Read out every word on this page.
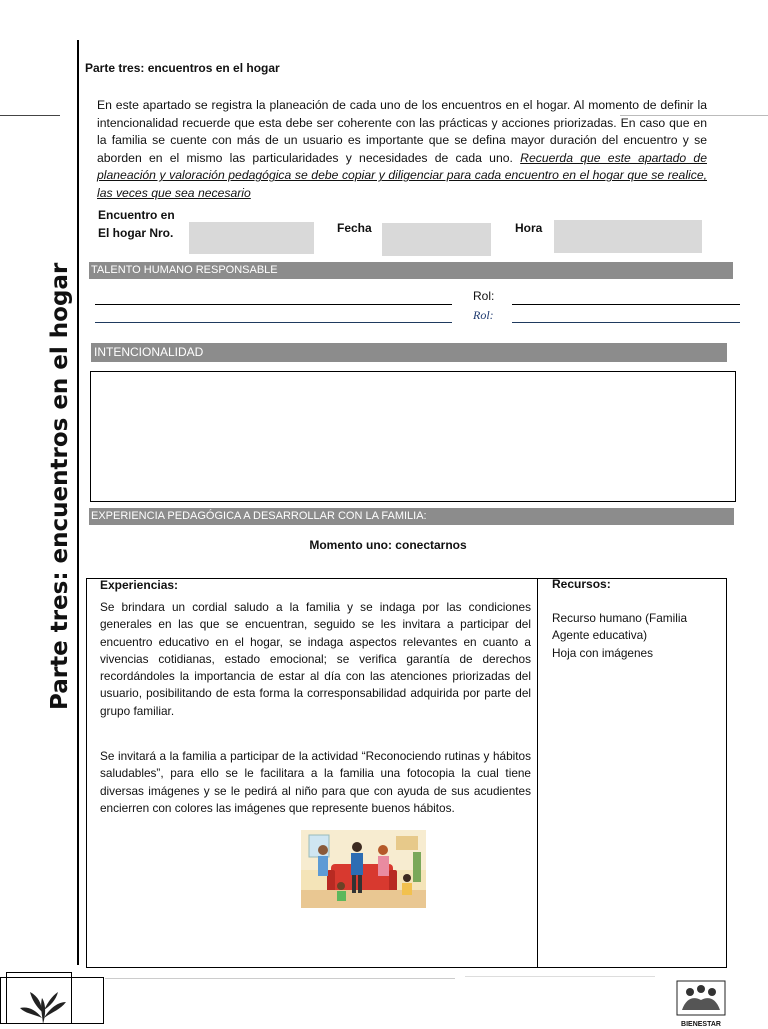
Parte tres: encuentros en el hogar
Parte tres: encuentros en el hogar
En este apartado se registra la planeación de cada uno de los encuentros en el hogar. Al momento de definir la intencionalidad recuerde que esta debe ser coherente con las prácticas y acciones priorizadas. En caso que en la familia se cuente con más de un usuario es importante que se defina mayor duración del encuentro y se aborden en el mismo las particularidades y necesidades de cada uno. Recuerda que este apartado de planeación y valoración pedagógica se debe copiar y diligenciar para cada encuentro en el hogar que se realice, las veces que sea necesario
Encuentro en
El hogar Nro.	Fecha	Hora
TALENTO HUMANO RESPONSABLE
Rol:
Rol:
INTENCIONALIDAD
EXPERIENCIA PEDAGÓGICA A DESARROLLAR CON LA FAMILIA:
Momento uno: conectarnos
Experiencias:
Se brindara un cordial saludo a la familia y se indaga por las condiciones generales en las que se encuentran, seguido se les invitara a participar del encuentro educativo en el hogar, se indaga aspectos relevantes en cuanto a vivencias cotidianas, estado emocional; se verifica garantía de derechos recordándoles la importancia de estar al día con las atenciones priorizadas del usuario, posibilitando de esta forma la corresponsabilidad adquirida por parte del grupo familiar.
Se invitará a la familia a participar de la actividad “Reconociendo rutinas y hábitos saludables”, para ello se le facilitara a la familia una fotocopia la cual tiene diversas imágenes y se le pedirá al niño para que con ayuda de sus acudientes encierren con colores las imágenes que represente buenos hábitos.
Recursos:
Recurso humano (Familia Agente educativa)
Hoja con imágenes
BIENESTAR
